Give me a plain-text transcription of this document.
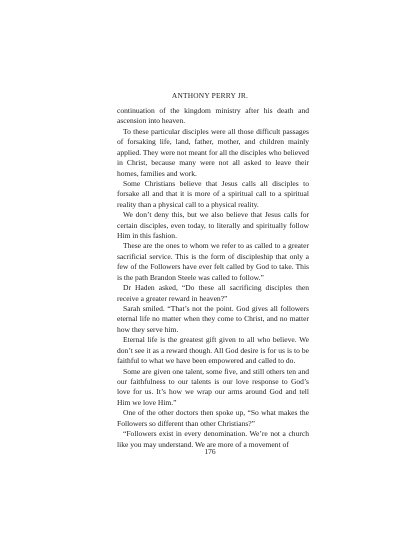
ANTHONY PERRY JR.

continuation of the kingdom ministry after his death and ascension into heaven.

To these particular disciples were all those difficult passages of forsaking life, land, father, mother, and children mainly applied. They were not meant for all the disciples who believed in Christ, because many were not all asked to leave their homes, families and work.

Some Christians believe that Jesus calls all disciples to forsake all and that it is more of a spiritual call to a spiritual reality than a physical call to a physical reality.

We don’t deny this, but we also believe that Jesus calls for certain disciples, even today, to literally and spiritually follow Him in this fashion.

These are the ones to whom we refer to as called to a greater sacrificial service. This is the form of discipleship that only a few of the Followers have ever felt called by God to take. This is the path Brandon Steele was called to follow.”

Dr Haden asked, “Do these all sacrificing disciples then receive a greater reward in heaven?”

Sarah smiled. “That’s not the point. God gives all followers eternal life no matter when they come to Christ, and no matter how they serve him.

Eternal life is the greatest gift given to all who believe. We don’t see it as a reward though. All God desire is for us is to be faithful to what we have been empowered and called to do.

Some are given one talent, some five, and still others ten and our faithfulness to our talents is our love response to God’s love for us. It’s how we wrap our arms around God and tell Him we love Him.”

One of the other doctors then spoke up, “So what makes the Followers so different than other Christians?”

“Followers exist in every denomination. We’re not a church like you may understand. We are more of a movement of

176
